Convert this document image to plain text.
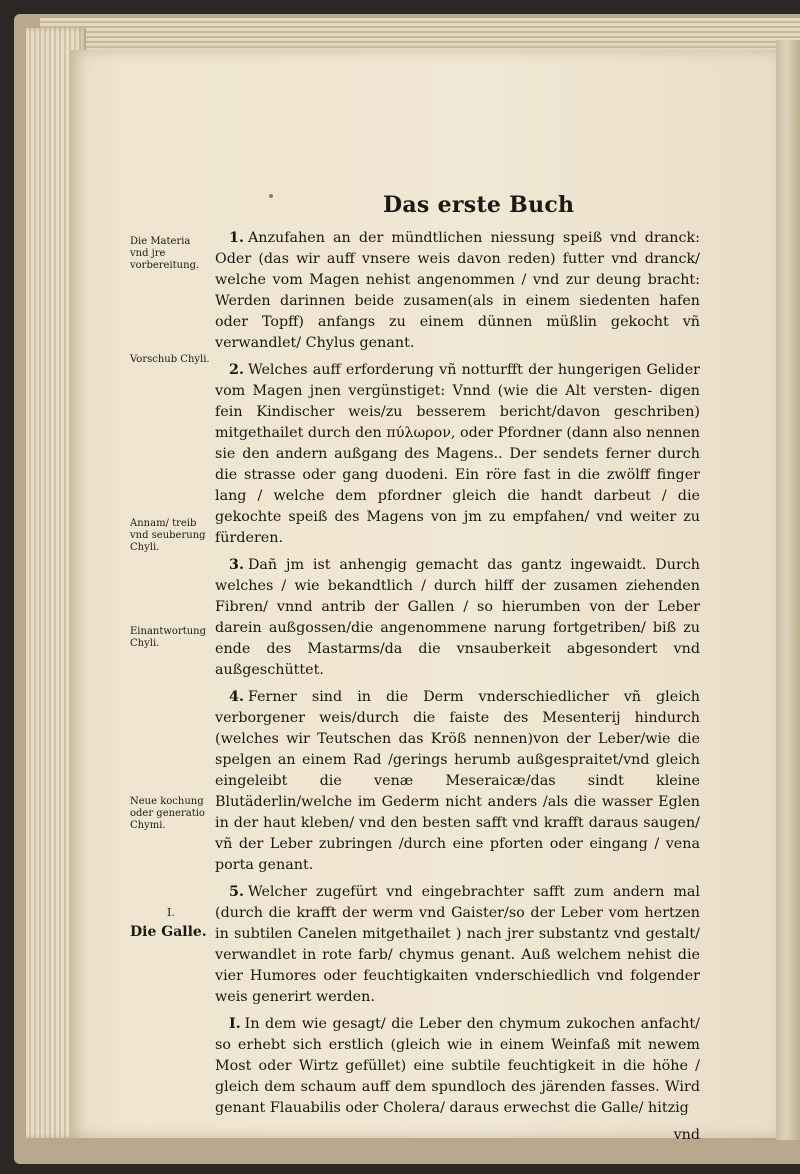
Das erste Buch
Die Materia vnd jre vorbereitung.
Vorschub Chyli.
Annam/ treib vnd seuberung Chyli.
Einantwortung Chyli.
Neue kochung oder generatio Chymi.
I.
Die Galle.

1. Anzufahen an der mündtlichen niessung speiß vnd dranck: Oder (das wir auff vnsere weis davon reden) futter vnd dranck/ welche vom Magen nehist angenommen / vnd zur deung bracht: Werden darinnen beide zusamen(als in einem siedenten hafen oder Topff) anfangs zu einem dünnen müßlin gekocht vñ verwandlet/ Chylus genant.

2. Welches auff erforderung vñ notturfft der hungerigen Gelider vom Magen jnen vergünstiget: Vnnd (wie die Alt versten- digen fein Kindischer weis/zu besserem bericht/davon geschriben) mitgethailet durch den πύλωρον, oder Pfordner (dann also nennen sie den andern außgang des Magens.. Der sendets ferner durch die strasse oder gang duodeni. Ein röre fast in die zwölff finger lang / welche dem pfordner gleich die handt darbeut / die gekochte speiß des Magens von jm zu empfahen/ vnd weiter zu fürderen.

3. Dañ jm ist anhengig gemacht das gantz ingewaidt. Durch welches / wie bekandtlich / durch hilff der zusamen ziehenden Fibren/ vnnd antrib der Gallen / so hierumben von der Leber darein außgossen/die angenommene narung fortgetriben/ biß zu ende des Mastarms/da die vnsauberkeit abgesondert vnd außgeschüttet.

4. Ferner sind in die Derm vnderschiedlicher vñ gleich verborgener weis/durch die faiste des Mesenterij hindurch (welches wir Teutschen das Kröß nennen)von der Leber/wie die spelgen an einem Rad /gerings herumb außgespraitet/vnd gleich eingeleibt die venæ Meseraicæ/das sindt kleine Blutäderlin/welche im Gederm nicht anders /als die wasser Eglen in der haut kleben/ vnd den besten safft vnd krafft daraus saugen/ vñ der Leber zubringen /durch eine pforten oder eingang / vena porta genant.

5. Welcher zugefürt vnd eingebrachter safft zum andern mal (durch die krafft der werm vnd Gaister/so der Leber vom hertzen in subtilen Canelen mitgethailet ) nach jrer substantz vnd gestalt/ verwandlet in rote farb/ chymus genant. Auß welchem nehist die vier Humores oder feuchtigkaiten vnderschiedlich vnd folgender weis generirt werden.

I. In dem wie gesagt/ die Leber den chymum zukochen anfacht/ so erhebt sich erstlich (gleich wie in einem Weinfaß mit newem Most oder Wirtz gefüllet) eine subtile feuchtigkeit in die höhe / gleich dem schaum auff dem spundloch des järenden fasses. Wird genant Flauabilis oder Cholera/ daraus erwechst die Galle/ hitzig

vnd
